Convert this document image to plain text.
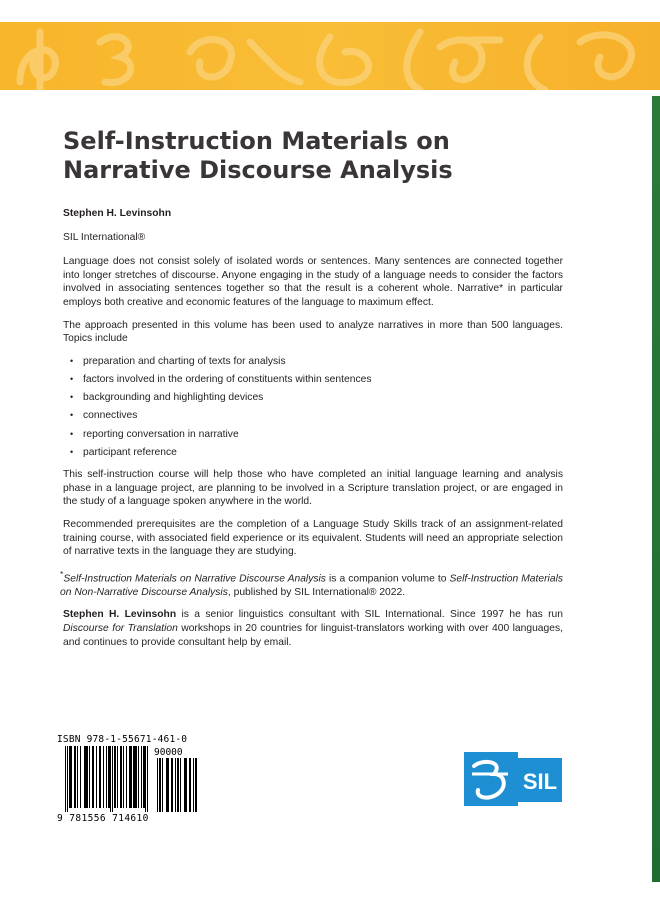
Self-Instruction Materials on
Narrative Discourse Analysis

Stephen H. Levinsohn

SIL International®

Language does not consist solely of isolated words or sentences. Many sentences are connected together into longer stretches of discourse. Anyone engaging in the study of a language needs to consider the factors involved in associating sentences together so that the result is a coherent whole. Narrative* in particular employs both creative and economic features of the language to maximum effect.

The approach presented in this volume has been used to analyze narratives in more than 500 languages. Topics include

• preparation and charting of texts for analysis
• factors involved in the ordering of constituents within sentences
• backgrounding and highlighting devices
• connectives
• reporting conversation in narrative
• participant reference

This self-instruction course will help those who have completed an initial language learning and analysis phase in a language project, are planning to be involved in a Scripture translation project, or are engaged in the study of a language spoken anywhere in the world.

Recommended prerequisites are the completion of a Language Study Skills track of an assignment-related training course, with associated field experience or its equivalent. Students will need an appropriate selection of narrative texts in the language they are studying.

*Self-Instruction Materials on Narrative Discourse Analysis is a companion volume to Self-Instruction Materials on Non-Narrative Discourse Analysis, published by SIL International® 2022.

Stephen H. Levinsohn is a senior linguistics consultant with SIL International. Since 1997 he has run Discourse for Translation workshops in 20 countries for linguist-translators working with over 400 languages, and continues to provide consultant help by email.

ISBN 978-1-55671-461-0
90000
9 781556 714610
SIL
®
